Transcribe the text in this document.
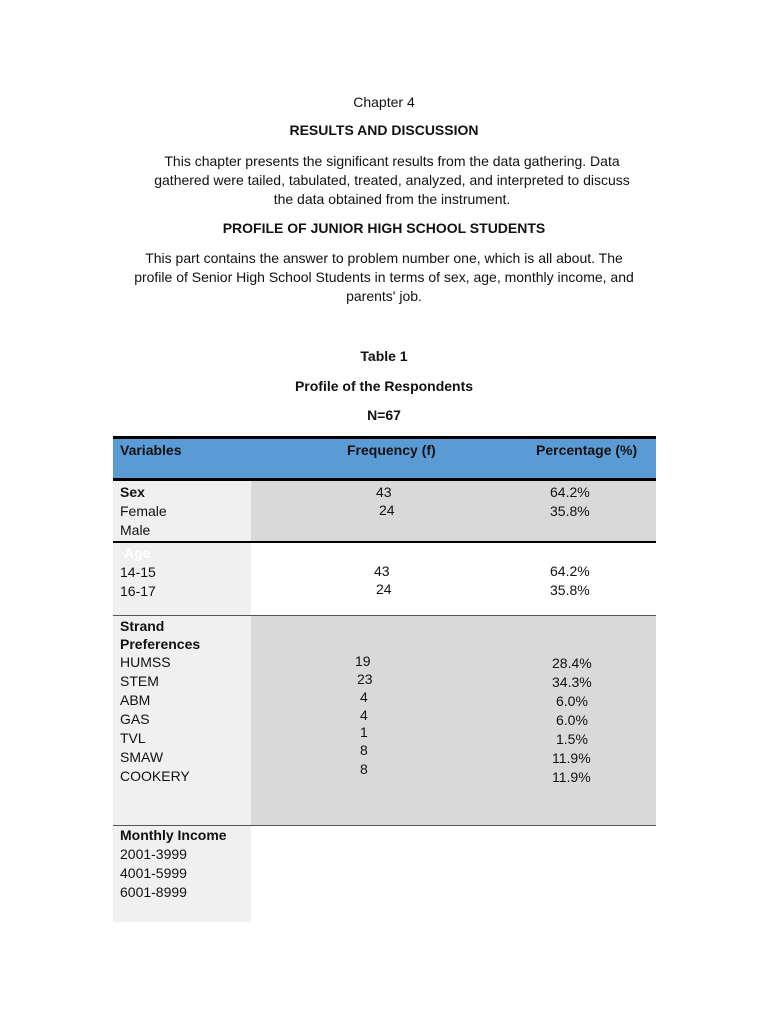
Chapter 4
RESULTS AND DISCUSSION
This chapter presents the significant results from the data gathering. Data
gathered were tailed, tabulated, treated, analyzed, and interpreted to discuss
the data obtained from the instrument.
PROFILE OF JUNIOR HIGH SCHOOL STUDENTS
This part contains the answer to problem number one, which is all about. The
profile of Senior High School Students in terms of sex, age, monthly income, and
parents' job.
Table 1
Profile of the Respondents
N=67
Variables	Frequency (f)	Percentage (%)
Sex
Female
Male
43
24
64.2%
35.8%
Age
14-15
16-17
43
24
64.2%
35.8%
Strand
Preferences
HUMSS
STEM
ABM
GAS
TVL
SMAW
COOKERY
19
23
4
4
1
8
8
28.4%
34.3%
6.0%
6.0%
1.5%
11.9%
11.9%
Monthly Income
2001-3999
4001-5999
6001-8999
